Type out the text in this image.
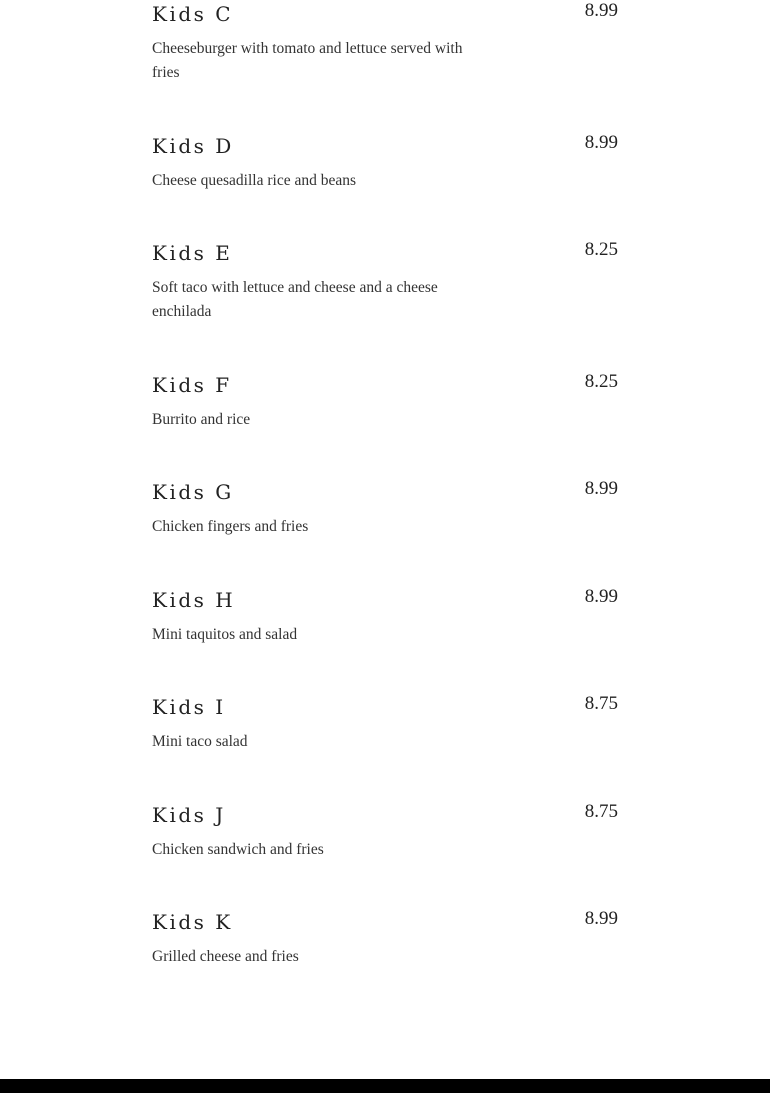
Kids C	8.99
Cheeseburger with tomato and lettuce served with fries
Kids D	8.99
Cheese quesadilla rice and beans
Kids E	8.25
Soft taco with lettuce and cheese and a cheese enchilada
Kids F	8.25
Burrito and rice
Kids G	8.99
Chicken fingers and fries
Kids H	8.99
Mini taquitos and salad
Kids I	8.75
Mini taco salad
Kids J	8.75
Chicken sandwich and fries
Kids K	8.99
Grilled cheese and fries
